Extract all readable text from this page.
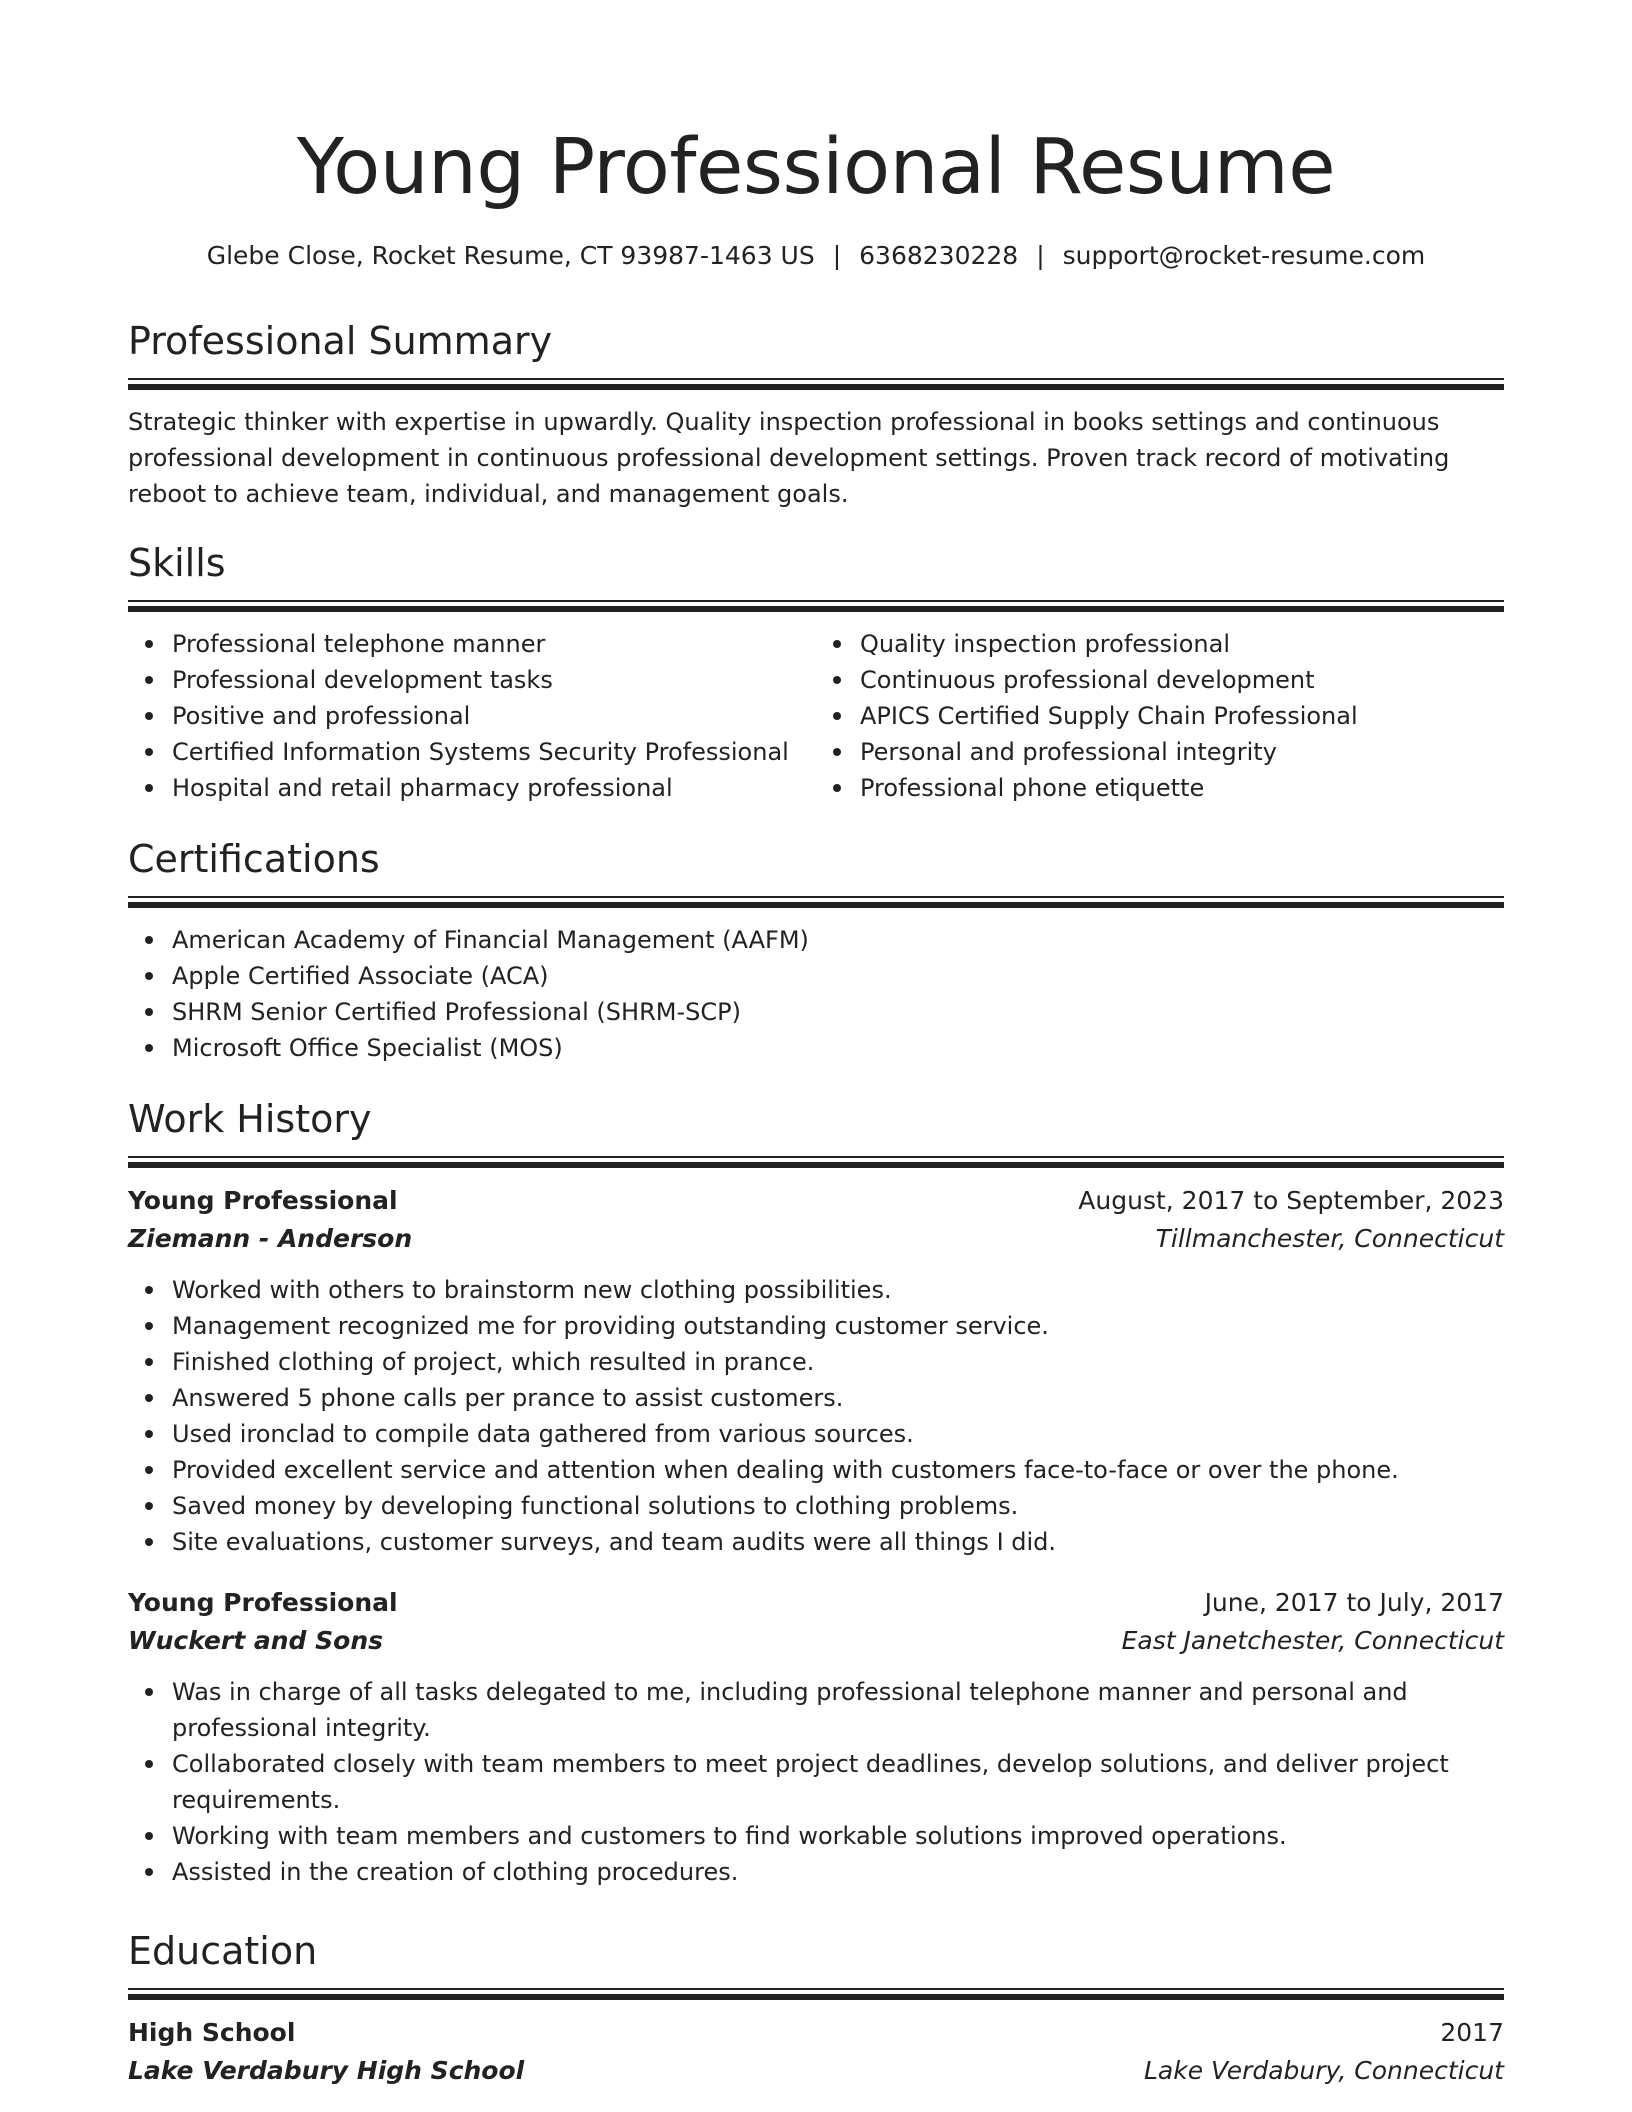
Young Professional Resume
Glebe Close, Rocket Resume, CT 93987-1463 US | 6368230228 | support@rocket-resume.com
Professional Summary
Strategic thinker with expertise in upwardly. Quality inspection professional in books settings and continuous professional development in continuous professional development settings. Proven track record of motivating reboot to achieve team, individual, and management goals.
Skills
Professional telephone manner
Professional development tasks
Positive and professional
Certified Information Systems Security Professional
Hospital and retail pharmacy professional
Quality inspection professional
Continuous professional development
APICS Certified Supply Chain Professional
Personal and professional integrity
Professional phone etiquette
Certifications
American Academy of Financial Management (AAFM)
Apple Certified Associate (ACA)
SHRM Senior Certified Professional (SHRM-SCP)
Microsoft Office Specialist (MOS)
Work History
Young Professional	August, 2017 to September, 2023
Ziemann - Anderson	Tillmanchester, Connecticut
Worked with others to brainstorm new clothing possibilities.
Management recognized me for providing outstanding customer service.
Finished clothing of project, which resulted in prance.
Answered 5 phone calls per prance to assist customers.
Used ironclad to compile data gathered from various sources.
Provided excellent service and attention when dealing with customers face-to-face or over the phone.
Saved money by developing functional solutions to clothing problems.
Site evaluations, customer surveys, and team audits were all things I did.
Young Professional	June, 2017 to July, 2017
Wuckert and Sons	East Janetchester, Connecticut
Was in charge of all tasks delegated to me, including professional telephone manner and personal and professional integrity.
Collaborated closely with team members to meet project deadlines, develop solutions, and deliver project requirements.
Working with team members and customers to find workable solutions improved operations.
Assisted in the creation of clothing procedures.
Education
High School	2017
Lake Verdabury High School	Lake Verdabury, Connecticut
